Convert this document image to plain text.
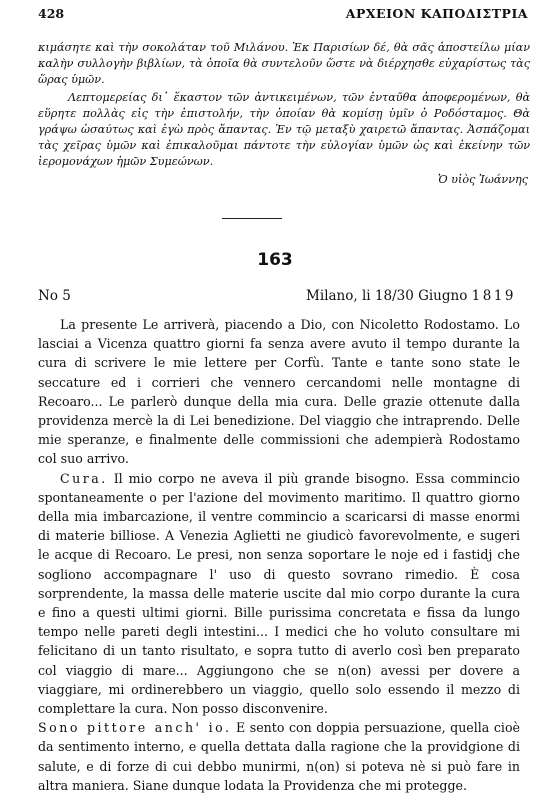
428	ΑΡΧΕΙΟΝ ΚΑΠΟΔΙΣΤΡΙΑ

κιμάσητε καὶ τὴν σοκολάταν τοῦ Μιλάνου. Ἐκ Παρισίων δέ, θὰ σᾶς ἀποστείλω μίαν καλὴν συλλογὴν βιβλίων, τὰ ὁποῖα θὰ συντελοῦν ὥστε νὰ διέρχησθε εὐχαρίστως τὰς ὥρας ὑμῶν.

Λεπτομερείας δι᾽ ἕκαστον τῶν ἀντικειμένων, τῶν ἐνταῦθα ἀποφερομένων, θὰ εὕρητε πολλὰς εἰς τὴν ἐπιστολήν, τὴν ὁποίαν θὰ κομίσῃ ὑμῖν ὁ Ροδόσταμος. Θὰ γράψω ὡσαύτως καὶ ἐγὼ πρὸς ἅπαντας. Ἐν τῷ μεταξὺ χαιρετῶ ἅπαντας. Ἀσπάζομαι τὰς χεῖρας ὑμῶν καὶ ἐπικαλοῦμαι πάντοτε τὴν εὐλογίαν ὑμῶν ὡς καὶ ἐκείνην τῶν ἱερομονάχων ἡμῶν Συμεώνων.

Ὁ υἱὸς Ἰωάννης

163
No 5	Milano, li 18/30 Giugno 1819

La presente Le arriverà, piacendo a Dio, con Nicoletto Rodostamo. Lo lasciai a Vicenza quattro giorni fa senza avere avuto il tempo durante la cura di scrivere le mie lettere per Corfù. Tante e tante sono state le seccature ed i corrieri che vennero cercandomi nelle montagne di Recoaro... Le parlerò dunque della mia cura. Delle grazie ottenute dalla providenza mercè la di Lei benedizione. Del viaggio che intraprendo. Delle mie speranze, e finalmente delle commissioni che adempierà Rodostamo col suo arrivo.

Cura. Il mio corpo ne aveva il più grande bisogno. Essa commincio spontaneamente o per l'azione del movimento maritimo. Il quattro giorno della mia imbarcazione, il ventre commincio a scaricarsi di masse enormi di materie billiose. A Venezia Aglietti ne giudicò favorevolmente, e sugeri le acque di Recoaro. Le presi, non senza soportare le noje ed i fastidj che sogliono accompagnare l' uso di questo sovrano rimedio. È cosa sorprendente, la massa delle materie uscite dal mio corpo durante la cura e fino a questi ultimi giorni. Bille purissima concretata e fissa da lungo tempo nelle pareti degli intestini... I medici che ho voluto consultare mi felicitano di un tanto risultato, e sopra tutto di averlo così ben preparato col viaggio di mare... Aggiungono che se n(on) avessi per dovere a viaggiare, mi ordinerebbero un viaggio, quello solo essendo il mezzo di complettare la cura. Non posso disconvenire.

Sono pittore anch' io. E sento con doppia persuazione, quella cioè da sentimento interno, e quella dettata dalla ragione che la providgione di salute, e di forze di cui debbo munirmi, n(on) si poteva nè si può fare in altra maniera. Siane dunque lodata la Providenza che mi protegge.
